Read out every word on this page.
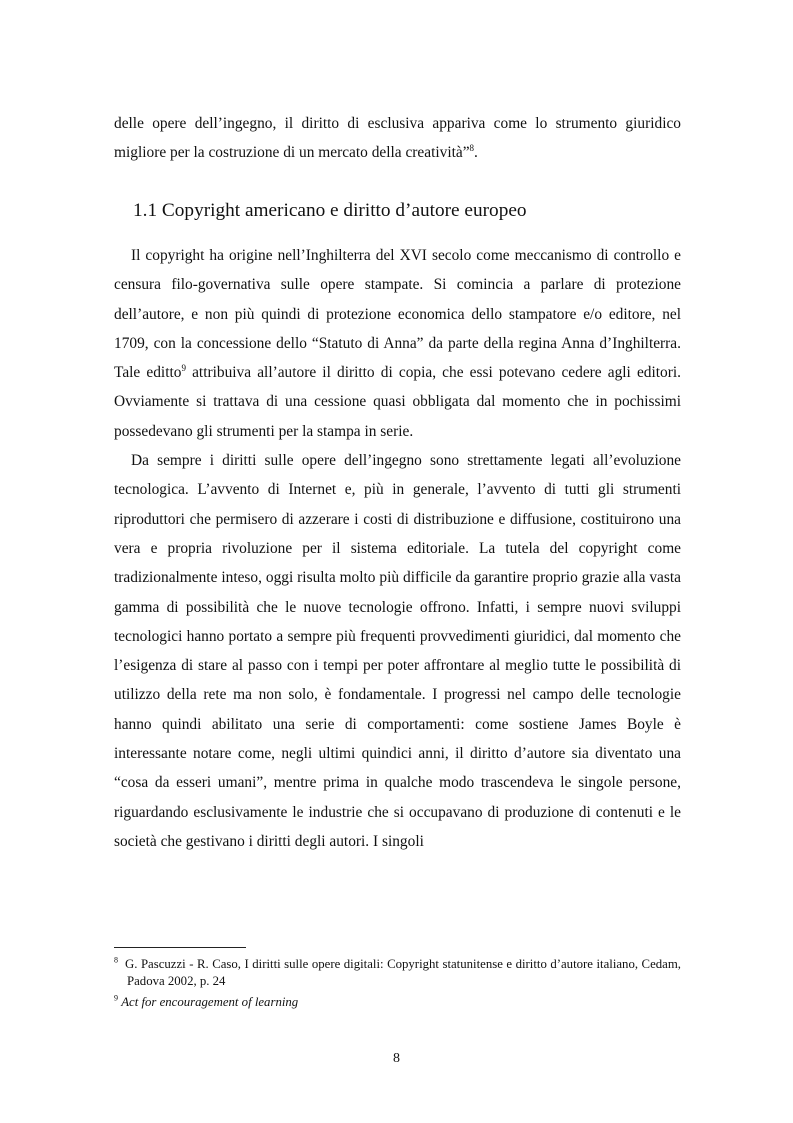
delle opere dell’ingegno, il diritto di esclusiva appariva come lo strumento giuridico migliore per la costruzione di un mercato della creatività”$^8$.

1.1 Copyright americano e diritto d’autore europeo

Il copyright ha origine nell’Inghilterra del XVI secolo come meccanismo di controllo e censura filo-governativa sulle opere stampate. Si comincia a parlare di protezione dell’autore, e non più quindi di protezione economica dello stampatore e/o editore, nel 1709, con la concessione dello “Statuto di Anna” da parte della regina Anna d’Inghilterra. Tale editto$^9$ attribuiva all’autore il diritto di copia, che essi potevano cedere agli editori. Ovviamente si trattava di una cessione quasi obbligata dal momento che in pochissimi possedevano gli strumenti per la stampa in serie.

Da sempre i diritti sulle opere dell’ingegno sono strettamente legati all’evoluzione tecnologica. L’avvento di Internet e, più in generale, l’avvento di tutti gli strumenti riproduttori che permisero di azzerare i costi di distribuzione e diffusione, costituirono una vera e propria rivoluzione per il sistema editoriale. La tutela del copyright come tradizionalmente inteso, oggi risulta molto più difficile da garantire proprio grazie alla vasta gamma di possibilità che le nuove tecnologie offrono. Infatti, i sempre nuovi sviluppi tecnologici hanno portato a sempre più frequenti provvedimenti giuridici, dal momento che l’esigenza di stare al passo con i tempi per poter affrontare al meglio tutte le possibilità di utilizzo della rete ma non solo, è fondamentale. I progressi nel campo delle tecnologie hanno quindi abilitato una serie di comportamenti: come sostiene James Boyle è interessante notare come, negli ultimi quindici anni, il diritto d’autore sia diventato una “cosa da esseri umani”, mentre prima in qualche modo trascendeva le singole persone, riguardando esclusivamente le industrie che si occupavano di produzione di contenuti e le società che gestivano i diritti degli autori. I singoli

$^8$ G. Pascuzzi - R. Caso, I diritti sulle opere digitali: Copyright statunitense e diritto d’autore italiano, Cedam, Padova 2002, p. 24

$^9$ Act for encouragement of learning

8
